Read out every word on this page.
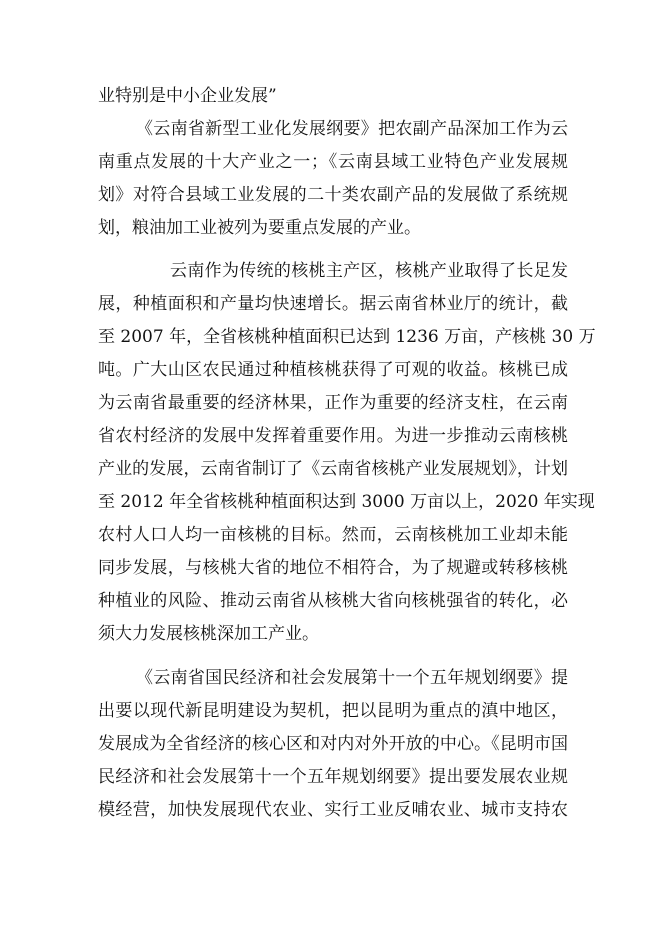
业特别是中小企业发展”
《云南省新型工业化发展纲要》把农副产品深加工作为云
南重点发展的十大产业之一；《云南县域工业特色产业发展规
划》对符合县域工业发展的二十类农副产品的发展做了系统规
划，粮油加工业被列为要重点发展的产业。
云南作为传统的核桃主产区，核桃产业取得了长足发
展，种植面积和产量均快速增长。据云南省林业厅的统计，截
至 2007 年，全省核桃种植面积已达到 1236 万亩，产核桃 30 万
吨。广大山区农民通过种植核桃获得了可观的收益。核桃已成
为云南省最重要的经济林果，正作为重要的经济支柱，在云南
省农村经济的发展中发挥着重要作用。为进一步推动云南核桃
产业的发展，云南省制订了《云南省核桃产业发展规划》，计划
至 2012 年全省核桃种植面积达到 3000 万亩以上，2020 年实现
农村人口人均一亩核桃的目标。然而，云南核桃加工业却未能
同步发展，与核桃大省的地位不相符合，为了规避或转移核桃
种植业的风险、推动云南省从核桃大省向核桃强省的转化，必
须大力发展核桃深加工产业。
《云南省国民经济和社会发展第十一个五年规划纲要》提
出要以现代新昆明建设为契机，把以昆明为重点的滇中地区，
发展成为全省经济的核心区和对内对外开放的中心。《昆明市国
民经济和社会发展第十一个五年规划纲要》提出要发展农业规
模经营，加快发展现代农业、实行工业反哺农业、城市支持农
